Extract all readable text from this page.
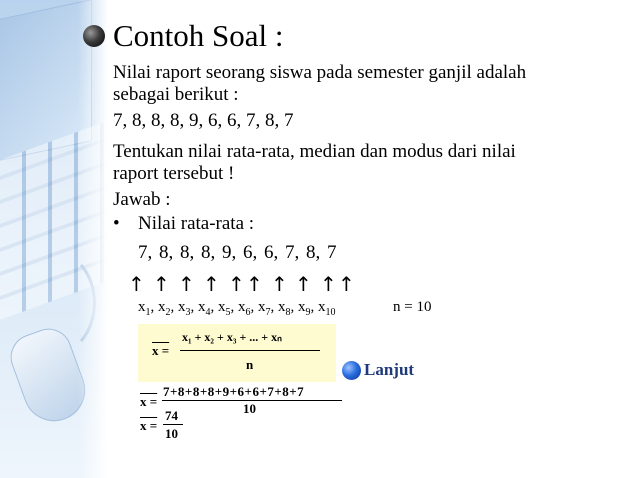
Contoh Soal :
Nilai raport seorang siswa pada semester ganjil adalah
sebagai berikut :
7, 8, 8, 8, 9, 6, 6, 7, 8, 7
Tentukan nilai rata-rata, median dan modus dari nilai
raport tersebut !
Jawab :
• Nilai rata-rata :
7, 8, 8, 8, 9, 6, 6, 7, 8, 7
↑ ↑ ↑ ↑ ↑ ↑ ↑ ↑ ↑ ↑
$x_1$, $x_2$, $x_3$, $x_4$, $x_5$, $x_6$, $x_7$, $x_8$, $x_9$, $x_{10}$	n = 10
x =
x₁ + x₂ + x₃ + ... + xₙ
n	Lanjut
x =
7+8+8+8+9+6+6+7+8+7
10
x =
74
10
